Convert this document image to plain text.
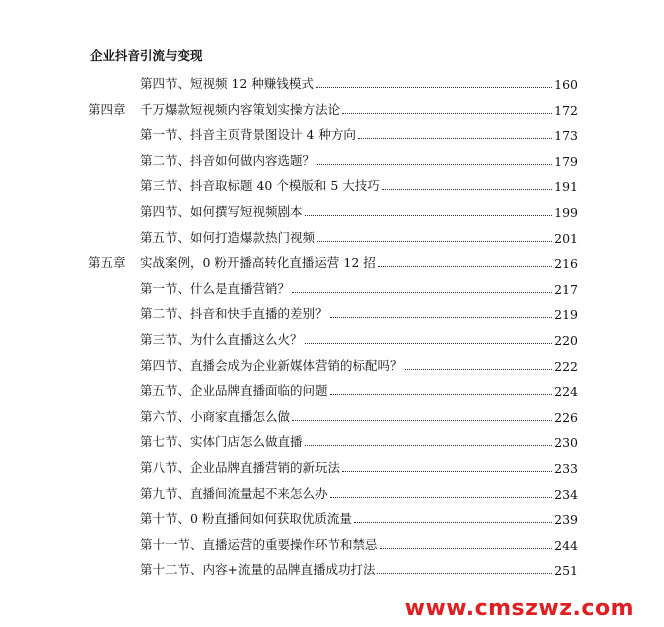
企业抖音引流与变现
第四节、短视频 12 种赚钱模式	160
第四章	千万爆款短视频内容策划实操方法论	172
第一节、抖音主页背景图设计 4 种方向	173
第二节、抖音如何做内容选题？	179
第三节、抖音取标题 40 个模版和 5 大技巧	191
第四节、如何撰写短视频剧本	199
第五节、如何打造爆款热门视频	201
第五章	实战案例，0 粉开播高转化直播运营 12 招	216
第一节、什么是直播营销？	217
第二节、抖音和快手直播的差别？	219
第三节、为什么直播这么火？	220
第四节、直播会成为企业新媒体营销的标配吗？	222
第五节、企业品牌直播面临的问题	224
第六节、小商家直播怎么做	226
第七节、实体门店怎么做直播	230
第八节、企业品牌直播营销的新玩法	233
第九节、直播间流量起不来怎么办	234
第十节、0 粉直播间如何获取优质流量	239
第十一节、直播运营的重要操作环节和禁忌	244
第十二节、内容+流量的品牌直播成功打法	251
www.cmszwz.com
